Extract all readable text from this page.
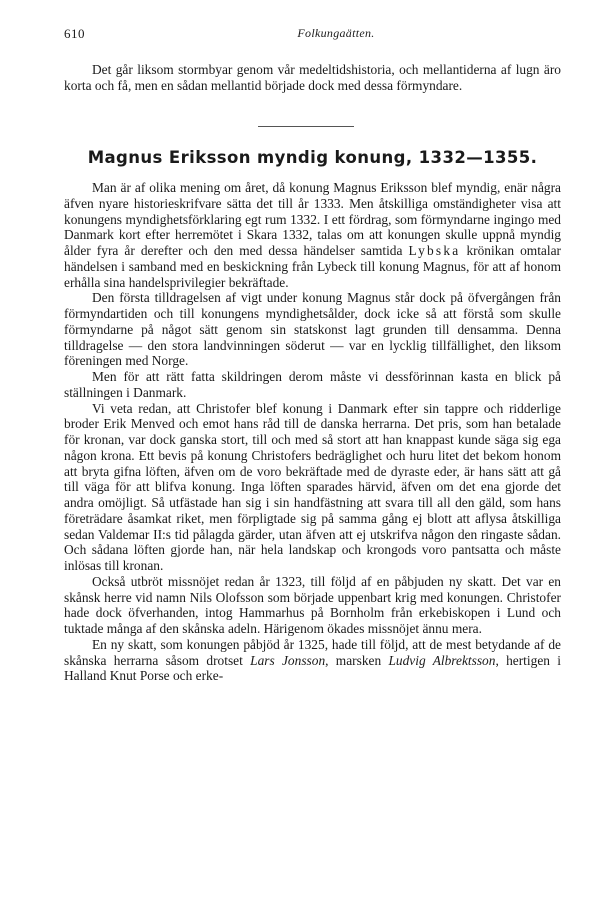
610	Folkungaätten.

Det går liksom stormbyar genom vår medeltidshistoria, och mellantiderna af lugn äro korta och få, men en sådan mellantid började dock med dessa förmyndare.

Magnus Eriksson myndig konung, 1332—1355.

Man är af olika mening om året, då konung Magnus Eriksson blef myndig, enär några äfven nyare historieskrifvare sätta det till år 1333. Men åtskilliga omständigheter visa att konungens myndighetsförklaring egt rum 1332. I ett fördrag, som förmyndarne ingingo med Danmark kort efter herremötet i Skara 1332, talas om att konungen skulle uppnå myndig ålder fyra år derefter och den med dessa händelser samtida Lybska krönikan omtalar händelsen i samband med en beskickning från Lybeck till konung Magnus, för att af honom erhålla sina handelsprivilegier bekräftade.

Den första tilldragelsen af vigt under konung Magnus står dock på öfvergången från förmyndartiden och till konungens myndighetsålder, dock icke så att förstå som skulle förmyndarne på något sätt genom sin statskonst lagt grunden till densamma. Denna tilldragelse — den stora landvinningen söderut — var en lycklig tillfällighet, den liksom föreningen med Norge.

Men för att rätt fatta skildringen derom måste vi dessförinnan kasta en blick på ställningen i Danmark.

Vi veta redan, att Christofer blef konung i Danmark efter sin tappre och ridderlige broder Erik Menved och emot hans råd till de danska herrarna. Det pris, som han betalade för kronan, var dock ganska stort, till och med så stort att han knappast kunde säga sig ega någon krona. Ett bevis på konung Christofers bedräglighet och huru litet det bekom honom att bryta gifna löften, äfven om de voro bekräftade med de dyraste eder, är hans sätt att gå till väga för att blifva konung. Inga löften sparades härvid, äfven om det ena gjorde det andra omöjligt. Så utfästade han sig i sin handfästning att svara till all den gäld, som hans företrädare åsamkat riket, men förpligtade sig på samma gång ej blott att aflysa åtskilliga sedan Valdemar II:s tid pålagda gärder, utan äfven att ej utskrifva någon den ringaste sådan. Och sådana löften gjorde han, när hela landskap och krongods voro pantsatta och måste inlösas till kronan.

Också utbröt missnöjet redan år 1323, till följd af en påbjuden ny skatt. Det var en skånsk herre vid namn Nils Olofsson som började uppenbart krig med konungen. Christofer hade dock öfverhanden, intog Hammarhus på Bornholm från erkebiskopen i Lund och tuktade många af den skånska adeln. Härigenom ökades missnöjet ännu mera.

En ny skatt, som konungen påbjöd år 1325, hade till följd, att de mest betydande af de skånska herrarna såsom drotset Lars Jonsson, marsken Ludvig Albrektsson, hertigen i Halland Knut Porse och erke-
